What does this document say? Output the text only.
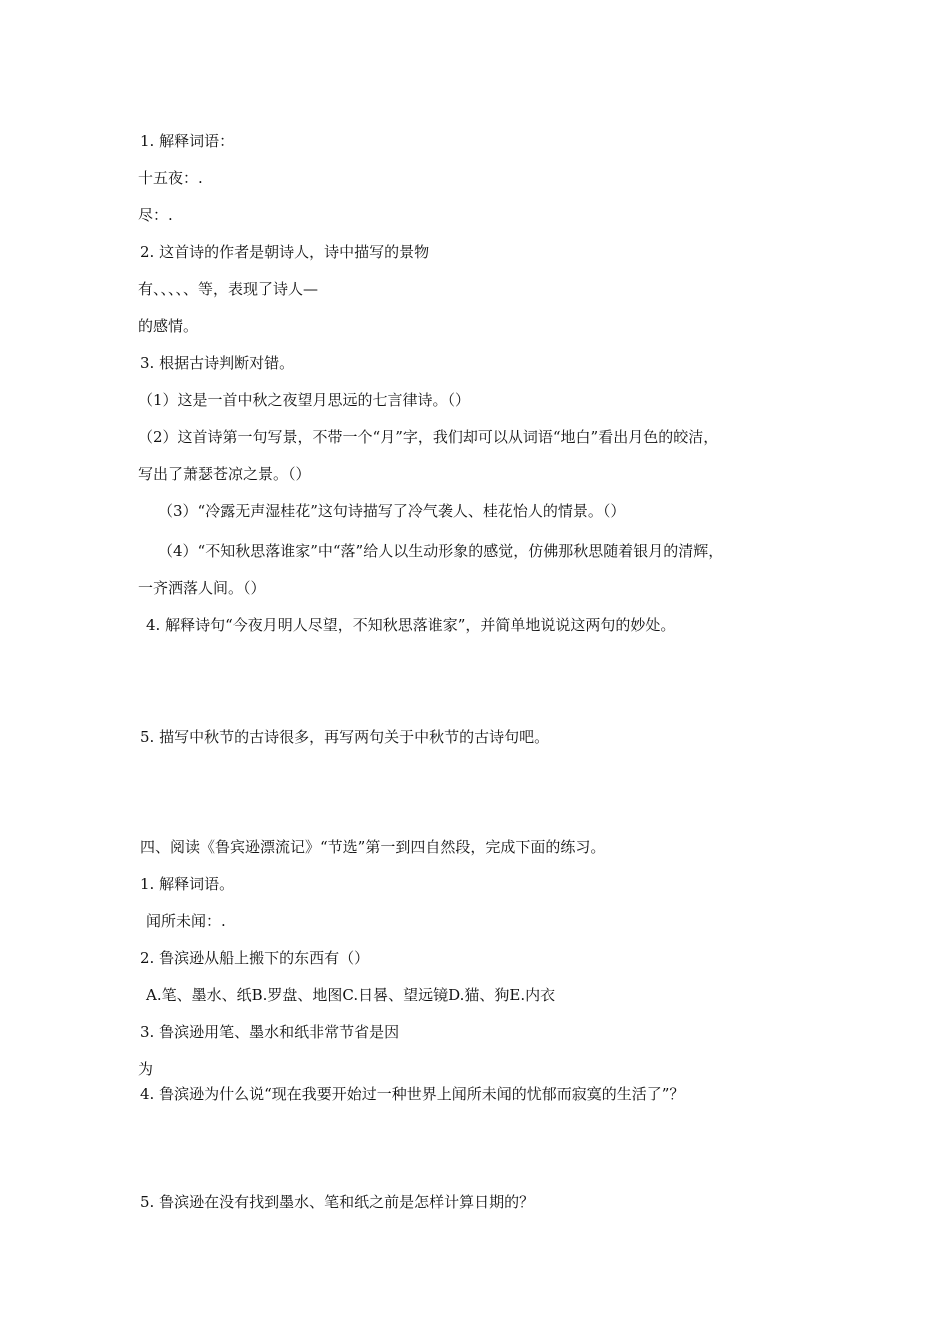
1. 解释词语：
十五夜：.
尽：.
2. 这首诗的作者是朝诗人，诗中描写的景物
有、、、、、等，表现了诗人—
的感情。
3. 根据古诗判断对错。
（1）这是一首中秋之夜望月思远的七言律诗。（）
（2）这首诗第一句写景，不带一个“月”字，我们却可以从词语“地白”看出月色的皎洁，
写出了萧瑟苍凉之景。（）
（3）“冷露无声湿桂花”这句诗描写了冷气袭人、桂花怡人的情景。（）
（4）“不知秋思落谁家”中“落”给人以生动形象的感觉，仿佛那秋思随着银月的清辉，
一齐洒落人间。（）
4. 解释诗句“今夜月明人尽望，不知秋思落谁家”，并简单地说说这两句的妙处。
5. 描写中秋节的古诗很多，再写两句关于中秋节的古诗句吧。
四、阅读《鲁宾逊漂流记》“节选”第一到四自然段，完成下面的练习。
1. 解释词语。
闻所未闻：.
2. 鲁滨逊从船上搬下的东西有（）
A.笔、墨水、纸B.罗盘、地图C.日晷、望远镜D.猫、狗E.内衣
3. 鲁滨逊用笔、墨水和纸非常节省是因
为
4. 鲁滨逊为什么说“现在我要开始过一种世界上闻所未闻的忧郁而寂寞的生活了”？
5. 鲁滨逊在没有找到墨水、笔和纸之前是怎样计算日期的？
